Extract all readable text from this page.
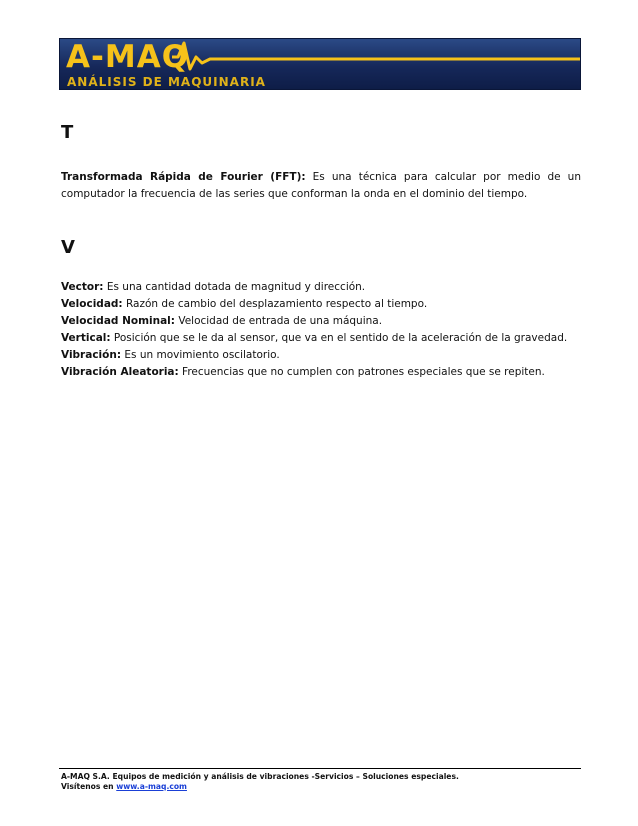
A-MAQ
ANÁLISIS DE MAQUINARIA
T
Transformada Rápida de Fourier (FFT): Es una técnica para calcular por medio de un computador la frecuencia de las series que conforman la onda en el dominio del tiempo.
V
Vector: Es una cantidad dotada de magnitud y dirección.
Velocidad: Razón de cambio del desplazamiento respecto al tiempo.
Velocidad Nominal: Velocidad de entrada de una máquina.
Vertical: Posición que se le da al sensor, que va en el sentido de la aceleración de la gravedad.
Vibración: Es un movimiento oscilatorio.
Vibración Aleatoria: Frecuencias que no cumplen con patrones especiales que se repiten.
A-MAQ S.A. Equipos de medición y análisis de vibraciones -Servicios – Soluciones especiales.
Visítenos en www.a-maq.com
